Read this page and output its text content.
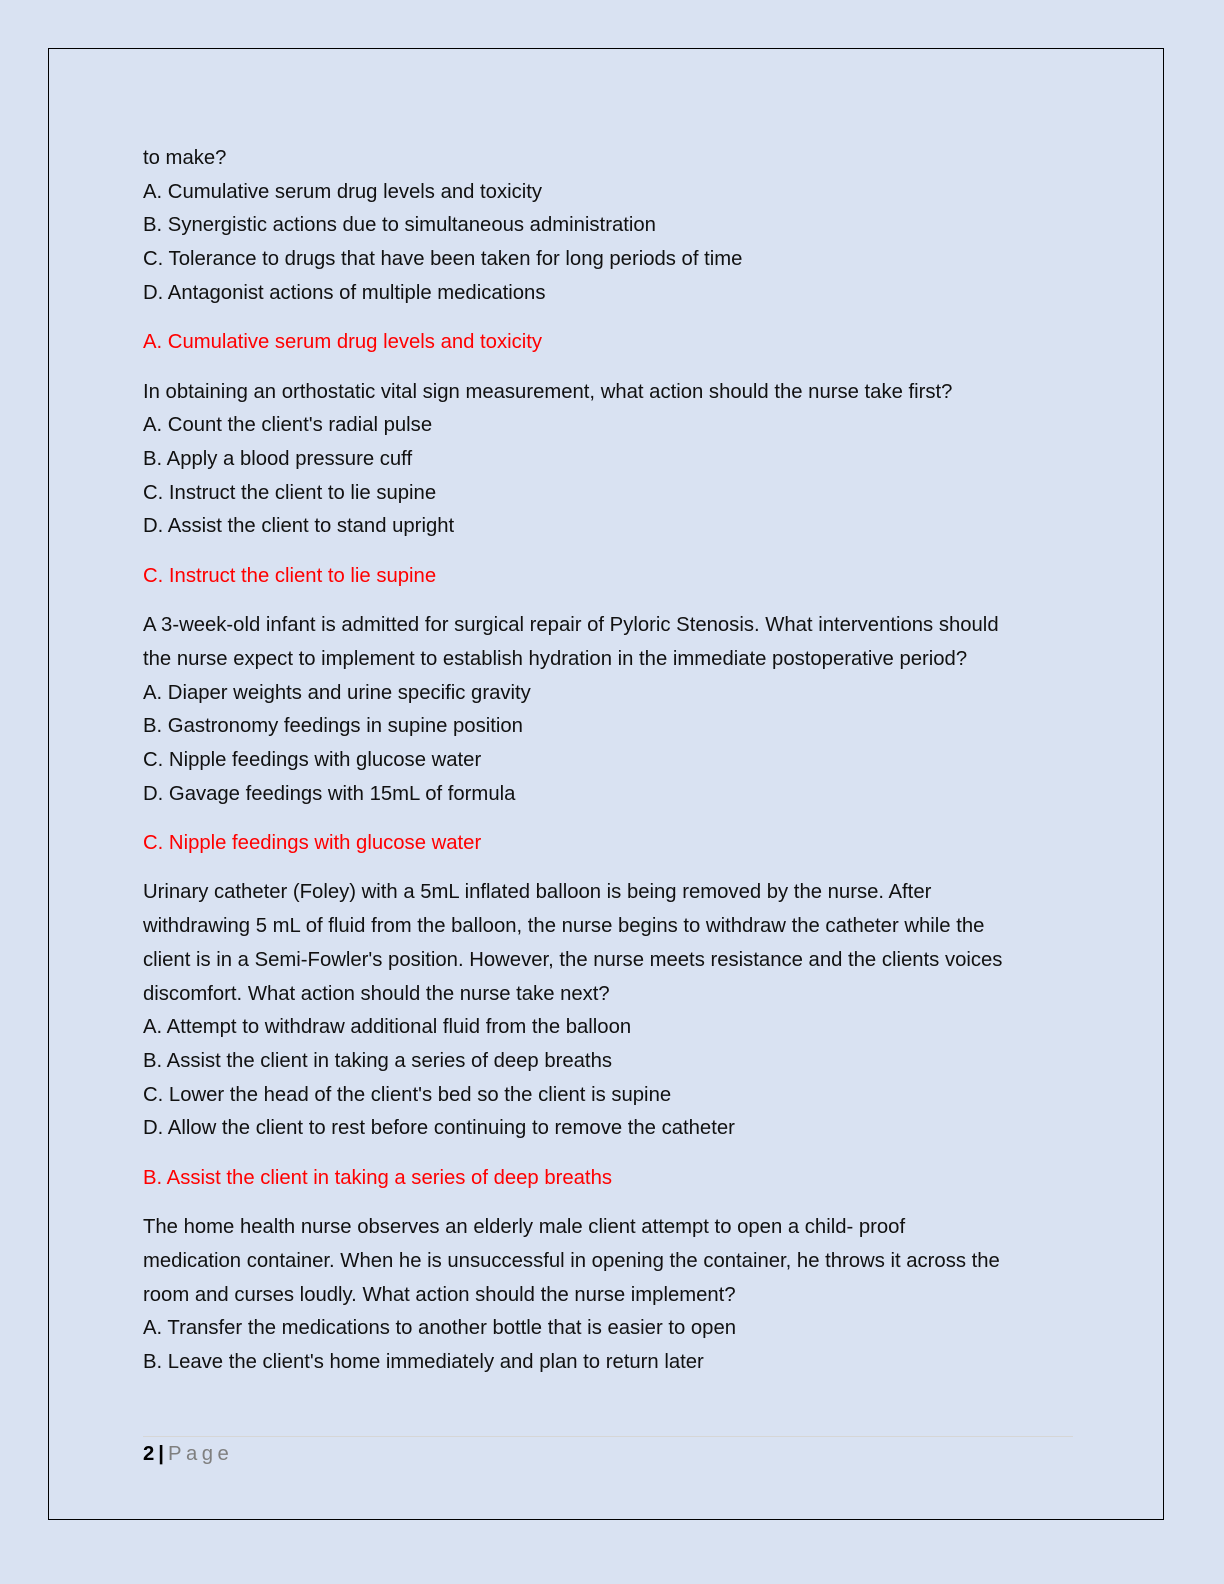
to make?

A. Cumulative serum drug levels and toxicity

B. Synergistic actions due to simultaneous administration

C. Tolerance to drugs that have been taken for long periods of time

D. Antagonist actions of multiple medications

A. Cumulative serum drug levels and toxicity

In obtaining an orthostatic vital sign measurement, what action should the nurse take first?

A. Count the client's radial pulse

B. Apply a blood pressure cuff

C. Instruct the client to lie supine

D. Assist the client to stand upright

C. Instruct the client to lie supine

A 3-week-old infant is admitted for surgical repair of Pyloric Stenosis. What interventions should

the nurse expect to implement to establish hydration in the immediate postoperative period?

A. Diaper weights and urine specific gravity

B. Gastronomy feedings in supine position

C. Nipple feedings with glucose water

D. Gavage feedings with 15mL of formula

C. Nipple feedings with glucose water

Urinary catheter (Foley) with a 5mL inflated balloon is being removed by the nurse. After

withdrawing 5 mL of fluid from the balloon, the nurse begins to withdraw the catheter while the

client is in a Semi-Fowler's position. However, the nurse meets resistance and the clients voices

discomfort. What action should the nurse take next?

A. Attempt to withdraw additional fluid from the balloon

B. Assist the client in taking a series of deep breaths

C. Lower the head of the client's bed so the client is supine

D. Allow the client to rest before continuing to remove the catheter

B. Assist the client in taking a series of deep breaths

The home health nurse observes an elderly male client attempt to open a child- proof

medication container. When he is unsuccessful in opening the container, he throws it across the

room and curses loudly. What action should the nurse implement?

A. Transfer the medications to another bottle that is easier to open

B. Leave the client's home immediately and plan to return later

2 | Page
